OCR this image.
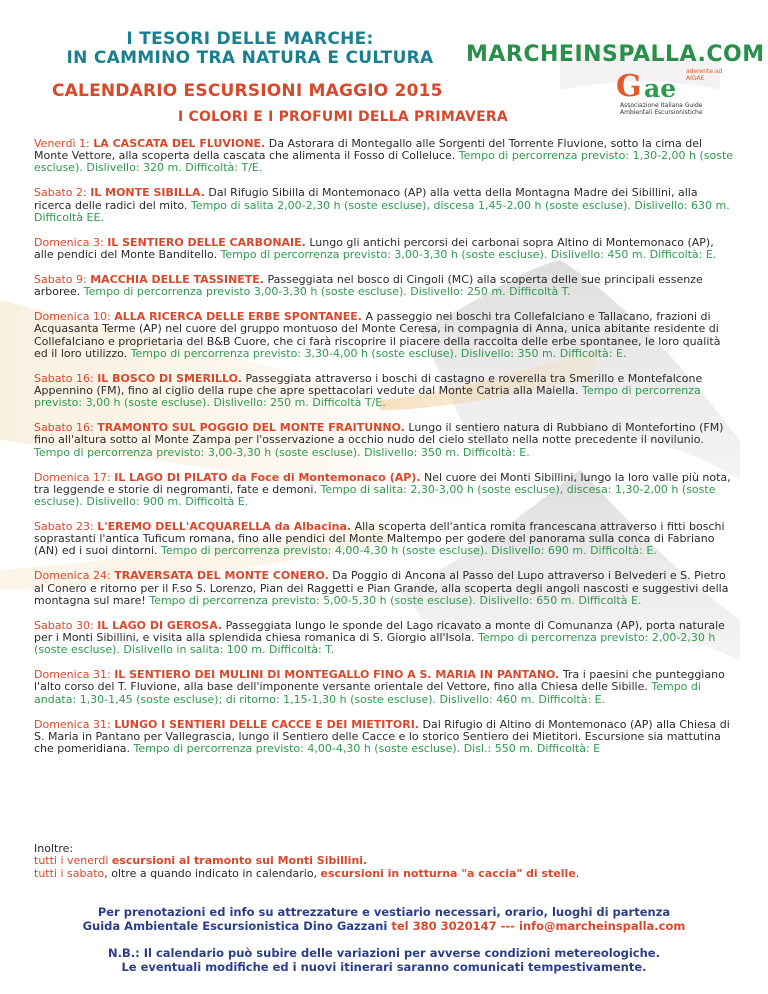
I TESORI DELLE MARCHE:
IN CAMMINO TRA NATURA E CULTURA	MARCHEINSPALLA.COM
G ae
aderente ad AIGAE
Associazione Italiana Guide
Ambientali Escursionistiche
CALENDARIO ESCURSIONI MAGGIO 2015
I COLORI E I PROFUMI DELLA PRIMAVERA
Venerdì 1: LA CASCATA DEL FLUVIONE. Da Astorara di Montegallo alle Sorgenti del Torrente Fluvione, sotto la cima del Monte Vettore, alla scoperta della cascata che alimenta il Fosso di Colleluce. Tempo di percorrenza previsto: 1,30-2,00 h (soste escluse). Dislivello: 320 m. Difficoltà: T/E.
Sabato 2: IL MONTE SIBILLA. Dal Rifugio Sibilla di Montemonaco (AP) alla vetta della Montagna Madre dei Sibillini, alla ricerca delle radici del mito. Tempo di salita 2,00-2,30 h (soste escluse), discesa 1,45-2,00 h (soste escluse). Dislivello: 630 m. Difficoltà EE.
Domenica 3: IL SENTIERO DELLE CARBONAIE. Lungo gli antichi percorsi dei carbonai sopra Altino di Montemonaco (AP), alle pendici del Monte Banditello. Tempo di percorrenza previsto: 3,00-3,30 h (soste escluse). Dislivello: 450 m. Difficoltà: E.
Sabato 9: MACCHIA DELLE TASSINETE. Passeggiata nel bosco di Cingoli (MC) alla scoperta delle sue principali essenze arboree. Tempo di percorrenza previsto 3,00-3,30 h (soste escluse). Dislivello: 250 m. Difficoltà T.
Domenica 10: ALLA RICERCA DELLE ERBE SPONTANEE. A passeggio nei boschi tra Collefalciano e Tallacano, frazioni di Acquasanta Terme (AP) nel cuore del gruppo montuoso del Monte Ceresa, in compagnia di Anna, unica abitante residente di Collefalciano e proprietaria del B&B Cuore, che ci farà riscoprire il piacere della raccolta delle erbe spontanee, le loro qualità ed il loro utilizzo. Tempo di percorrenza previsto: 3,30-4,00 h (soste escluse). Dislivello: 350 m. Difficoltà: E.
Sabato 16: IL BOSCO DI SMERILLO. Passeggiata attraverso i boschi di castagno e roverella tra Smerillo e Montefalcone Appennino (FM), fino al ciglio della rupe che apre spettacolari vedute dal Monte Catria alla Maiella. Tempo di percorrenza previsto: 3,00 h (soste escluse). Dislivello: 250 m. Difficoltà T/E.
Sabato 16: TRAMONTO SUL POGGIO DEL MONTE FRAITUNNO. Lungo il sentiero natura di Rubbiano di Montefortino (FM) fino all'altura sotto al Monte Zampa per l'osservazione a occhio nudo del cielo stellato nella notte precedente il novilunio. Tempo di percorrenza previsto: 3,00-3,30 h (soste escluse). Dislivello: 350 m. Difficoltà: E.
Domenica 17: IL LAGO DI PILATO da Foce di Montemonaco (AP). Nel cuore dei Monti Sibillini, lungo la loro valle più nota, tra leggende e storie di negromanti, fate e demoni. Tempo di salita: 2,30-3,00 h (soste escluse), discesa: 1,30-2,00 h (soste escluse). Dislivello: 900 m. Difficoltà E.
Sabato 23: L'EREMO DELL'ACQUARELLA da Albacina. Alla scoperta dell'antica romita francescana attraverso i fitti boschi soprastanti l'antica Tuficum romana, fino alle pendici del Monte Maltempo per godere del panorama sulla conca di Fabriano (AN) ed i suoi dintorni. Tempo di percorrenza previsto: 4,00-4,30 h (soste escluse). Dislivello: 690 m. Difficoltà: E.
Domenica 24: TRAVERSATA DEL MONTE CONERO. Da Poggio di Ancona al Passo del Lupo attraverso i Belvederi e S. Pietro al Conero e ritorno per il F.so S. Lorenzo, Pian dei Raggetti e Pian Grande, alla scoperta degli angoli nascosti e suggestivi della montagna sul mare! Tempo di percorrenza previsto: 5,00-5,30 h (soste escluse). Dislivello: 650 m. Difficoltà E.
Sabato 30: IL LAGO DI GEROSA. Passeggiata lungo le sponde del Lago ricavato a monte di Comunanza (AP), porta naturale per i Monti Sibillini, e visita alla splendida chiesa romanica di S. Giorgio all'Isola. Tempo di percorrenza previsto: 2,00-2,30 h (soste escluse). Dislivello in salita: 100 m. Difficoltà: T.
Domenica 31: IL SENTIERO DEI MULINI DI MONTEGALLO FINO A S. MARIA IN PANTANO. Tra i paesini che punteggiano l'alto corso del T. Fluvione, alla base dell'imponente versante orientale del Vettore, fino alla Chiesa delle Sibille. Tempo di andata: 1,30-1,45 (soste escluse); di ritorno: 1,15-1,30 h (soste escluse). Dislivello: 460 m. Difficoltà: E.
Domenica 31: LUNGO I SENTIERI DELLE CACCE E DEI MIETITORI. Dal Rifugio di Altino di Montemonaco (AP) alla Chiesa di S. Maria in Pantano per Vallegrascia, lungo il Sentiero delle Cacce e lo storico Sentiero dei Mietitori. Escursione sia mattutina che pomeridiana. Tempo di percorrenza previsto: 4,00-4,30 h (soste escluse). Disl.: 550 m. Difficoltà: E
Inoltre:
tutti i venerdì escursioni al tramonto sui Monti Sibillini.
tutti i sabato, oltre a quando indicato in calendario, escursioni in notturna "a caccia" di stelle.
Per prenotazioni ed info su attrezzature e vestiario necessari, orario, luoghi di partenza
Guida Ambientale Escursionistica Dino Gazzani tel 380 3020147 --- info@marcheinspalla.com
N.B.: Il calendario può subire delle variazioni per avverse condizioni metereologiche.
Le eventuali modifiche ed i nuovi itinerari saranno comunicati tempestivamente.
